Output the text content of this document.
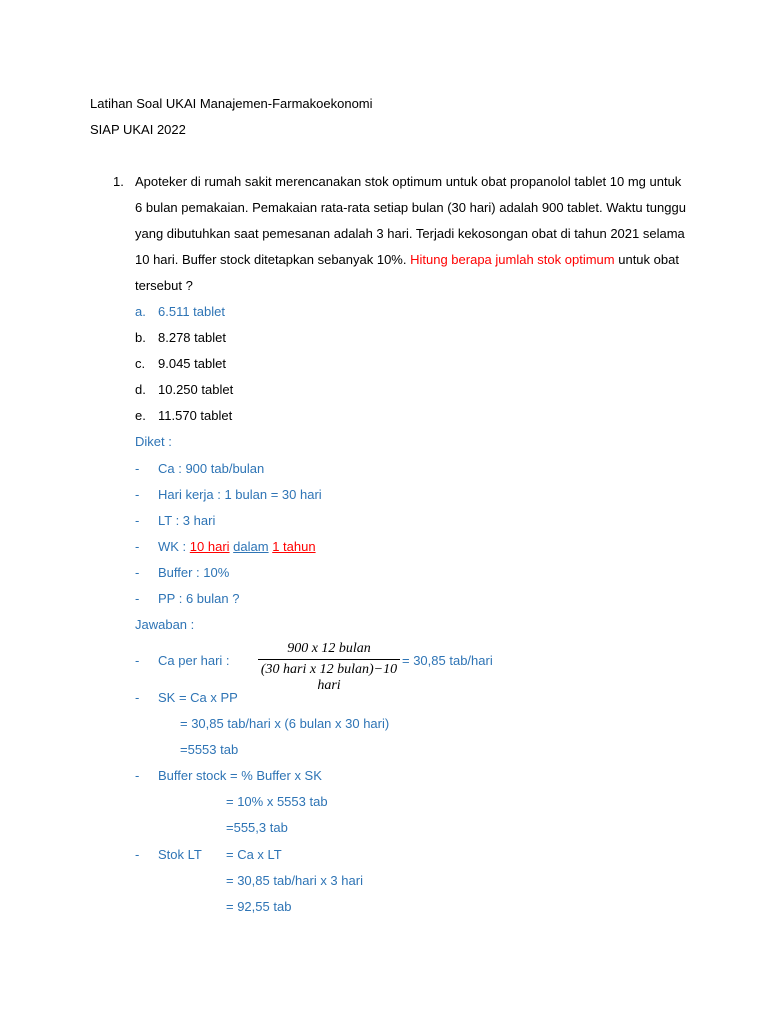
Latihan Soal UKAI Manajemen-Farmakoekonomi
SIAP UKAI 2022
1. Apoteker di rumah sakit merencanakan stok optimum untuk obat propanolol tablet 10 mg untuk
6 bulan pemakaian. Pemakaian rata-rata setiap bulan (30 hari) adalah 900 tablet. Waktu tunggu
yang dibutuhkan saat pemesanan adalah 3 hari. Terjadi kekosongan obat di tahun 2021 selama
10 hari. Buffer stock ditetapkan sebanyak 10%. Hitung berapa jumlah stok optimum untuk obat
tersebut ?
a. 6.511 tablet
b. 8.278 tablet
c. 9.045 tablet
d. 10.250 tablet
e. 11.570 tablet
Diket :
- Ca : 900 tab/bulan
- Hari kerja : 1 bulan = 30 hari
- LT : 3 hari
- WK : 10 hari dalam 1 tahun
- Buffer : 10%
- PP : 6 bulan ?
Jawaban :
- Ca per hari :
900 x 12 bulan
(30 hari x 12 bulan)−10 hari
= 30,85 tab/hari
- SK = Ca x PP
= 30,85 tab/hari x (6 bulan x 30 hari)
=5553 tab
- Buffer stock = % Buffer x SK
= 10% x 5553 tab
=555,3 tab
- Stok LT = Ca x LT
= 30,85 tab/hari x 3 hari
= 92,55 tab
